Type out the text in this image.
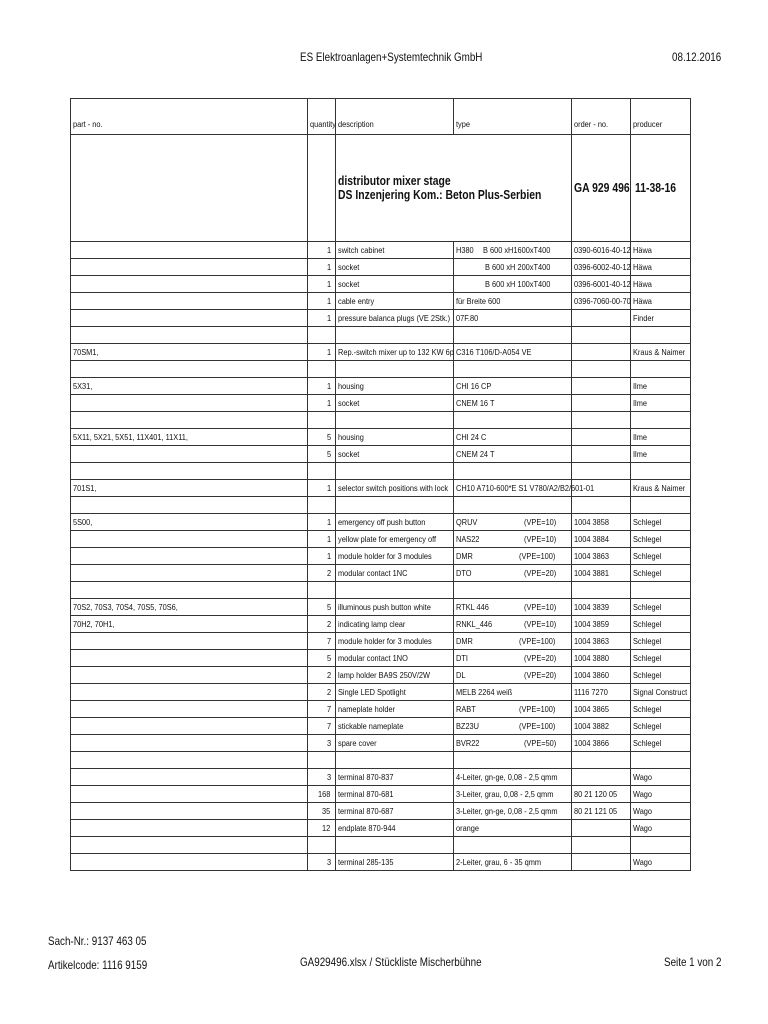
ES Elektroanlagen+Systemtechnik GmbH	08.12.2016
part - no.	quantity	description	type	order - no.	producer

		distributor mixer stage
DS Inzenjering Kom.: Beton Plus-Serbien		GA 929 496	11-38-16
	1	switch cabinet	H380 B 600 xH1600xT400	0390-6016-40-12	Häwa
	1	socket	B 600 xH 200xT400	0396-6002-40-12	Häwa
	1	socket	B 600 xH 100xT400	0396-6001-40-12	Häwa
	1	cable entry	für Breite 600	0396-7060-00-70	Häwa
	1	pressure balanca plugs (VE 2Stk.)	07F.80		Finder

70SM1,	1	Rep.-switch mixer up to 132 KW 6p	C316 T106/D-A054 VE		Kraus & Naimer

5X31,	1	housing	CHI 16 CP		Ilme
	1	socket	CNEM 16 T		Ilme

5X11, 5X21, 5X51, 11X401, 11X11,	5	housing	CHI 24 C		Ilme
	5	socket	CNEM 24 T		Ilme

701S1,	1	selector switch positions with lock	CH10 A710-600*E S1 V780/A2/B2/601-01		Kraus & Naimer

5S00,	1	emergency off push button	QRUV (VPE=10)	1004 3858	Schlegel
	1	yellow plate for emergency off	NAS22 (VPE=10)	1004 3884	Schlegel
	1	module holder for 3 modules	DMR (VPE=100)	1004 3863	Schlegel
	2	modular contact 1NC	DTO (VPE=20)	1004 3881	Schlegel

70S2, 70S3, 70S4, 70S5, 70S6,	5	illuminous push button white	RTKL 446 (VPE=10)	1004 3839	Schlegel
70H2, 70H1,	2	indicating lamp clear	RNKL_446 (VPE=10)	1004 3859	Schlegel
	7	module holder for 3 modules	DMR (VPE=100)	1004 3863	Schlegel
	5	modular contact 1NO	DTI (VPE=20)	1004 3880	Schlegel
	2	lamp holder BA9S 250V/2W	DL (VPE=20)	1004 3860	Schlegel
	2	Single LED Spotlight	MELB 2264 weiß	1116 7270	Signal Construct
	7	nameplate holder	RABT (VPE=100)	1004 3865	Schlegel
	7	stickable nameplate	BZ23U (VPE=100)	1004 3882	Schlegel
	3	spare cover	BVR22 (VPE=50)	1004 3866	Schlegel

	3	terminal 870-837	4-Leiter, gn-ge, 0,08 - 2,5 qmm		Wago
	168	terminal 870-681	3-Leiter, grau, 0,08 - 2,5 qmm	80 21 120 05	Wago
	35	terminal 870-687	3-Leiter, gn-ge, 0,08 - 2,5 qmm	80 21 121 05	Wago
	12	endplate 870-944	orange		Wago

	3	terminal 285-135	2-Leiter, grau, 6 - 35 qmm		Wago
Sach-Nr.: 9137 463 05
Artikelcode: 1116 9159	GA929496.xlsx / Stückliste Mischerbühne	Seite 1 von 2
